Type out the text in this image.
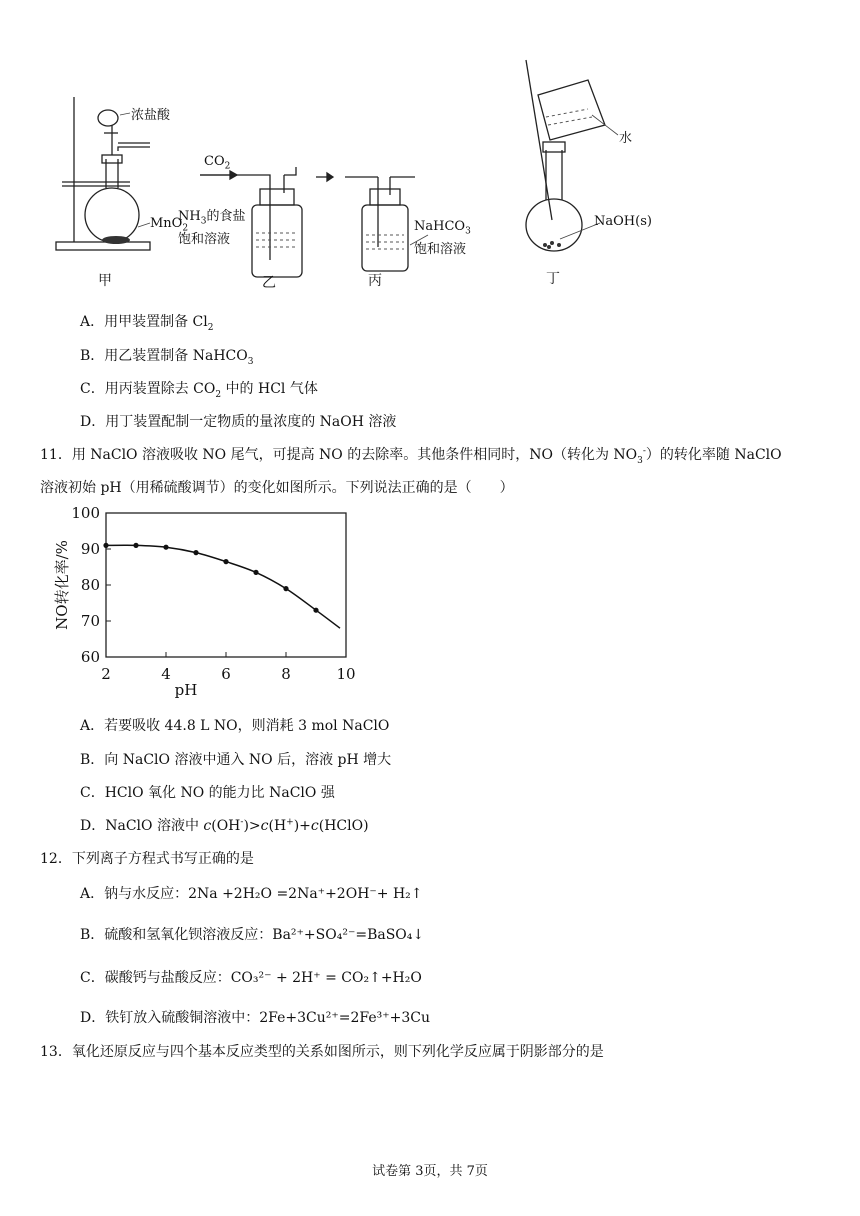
浓盐酸
MnO$_2$
甲
$CO_2$
$NH_3$的食盐
饱和溶液
乙
NaHCO$_3$
饱和溶液
丙
水
NaOH(s)
丁
A．用甲装置制备 $Cl_2$
B．用乙装置制备 NaHCO$_3$
C．用丙装置除去 $CO_2$ 中的 HCl 气体
D．用丁装置配制一定物质的量浓度的 NaOH 溶液
11．用 NaClO 溶液吸收 NO 尾气，可提高 NO 的去除率。其他条件相同时，NO（转化为 $NO_3^-$）的转化率随 NaClO
溶液初始 pH（用稀硫酸调节）的变化如图所示。下列说法正确的是（　　）
2	4	6	8	10
60
70
80
90
100
pH
NO转化率/%
A．若要吸收 44.8 L NO，则消耗 3 mol NaClO
B．向 NaClO 溶液中通入 NO 后，溶液 pH 增大
C．HClO 氧化 NO 的能力比 NaClO 强
D．NaClO 溶液中 c(OH-)>c(H+)+c(HClO)
12．下列离子方程式书写正确的是
A．钠与水反应：2Na +2H₂O =2Na⁺+2OH⁻+ H₂↑
B．硫酸和氢氧化钡溶液反应：Ba²⁺+SO₄²⁻=BaSO₄↓
C．碳酸钙与盐酸反应：CO₃²⁻ + 2H⁺ = CO₂↑+H₂O
D．铁钉放入硫酸铜溶液中：2Fe+3Cu²⁺=2Fe³⁺+3Cu
13．氧化还原反应与四个基本反应类型的关系如图所示，则下列化学反应属于阴影部分的是
试卷第 3页，共 7页
